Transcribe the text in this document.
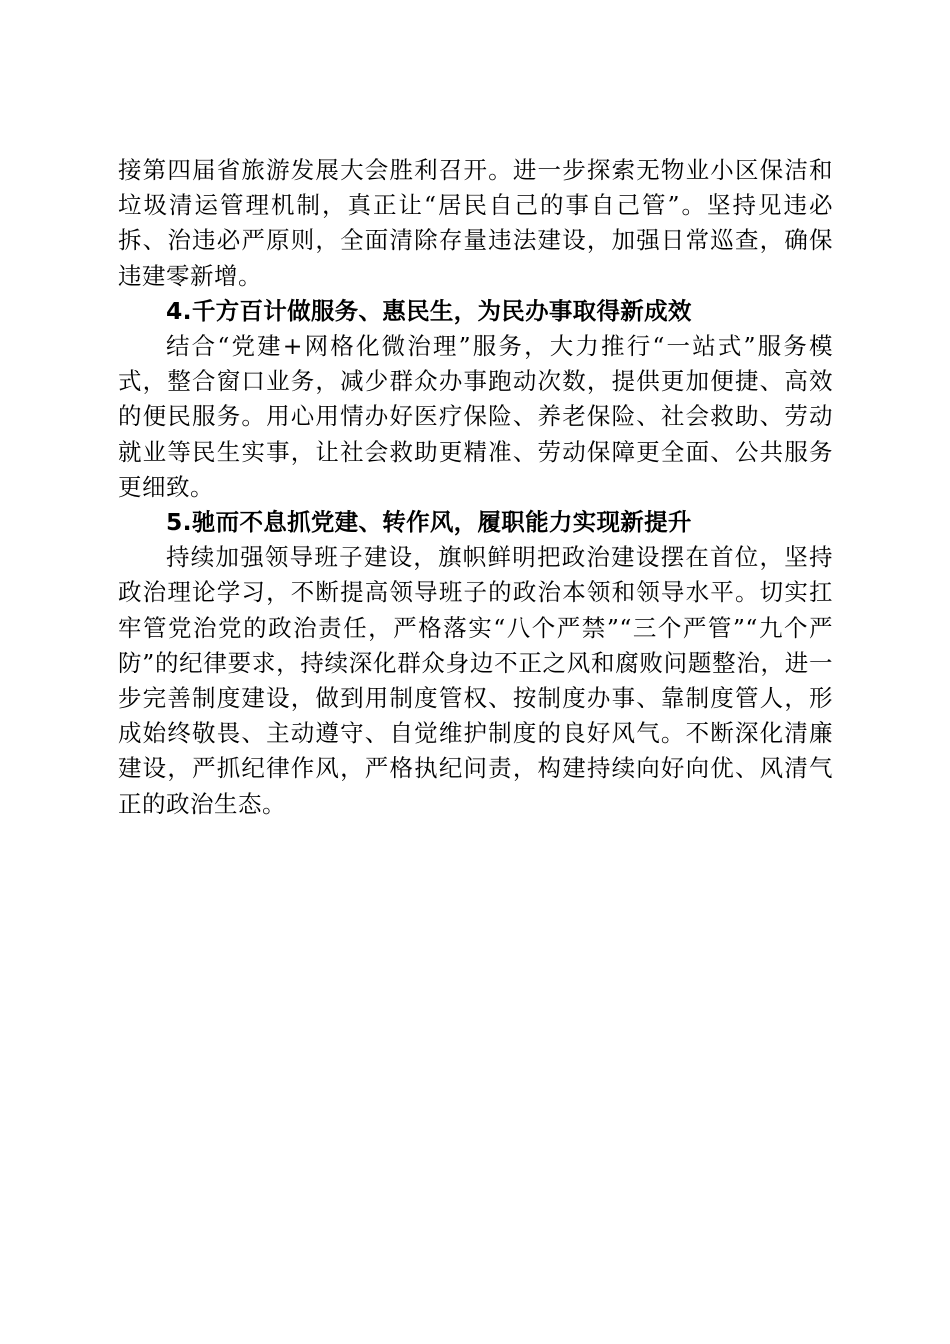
接第四届省旅游发展大会胜利召开。进一步探索无物业小区保洁和垃圾清运管理机制，真正让“居民自己的事自己管”。坚持见违必拆、治违必严原则，全面清除存量违法建设，加强日常巡查，确保违建零新增。

4.千方百计做服务、惠民生，为民办事取得新成效

结合“党建+网格化微治理”服务，大力推行“一站式”服务模式，整合窗口业务，减少群众办事跑动次数，提供更加便捷、高效的便民服务。用心用情办好医疗保险、养老保险、社会救助、劳动就业等民生实事，让社会救助更精准、劳动保障更全面、公共服务更细致。

5.驰而不息抓党建、转作风，履职能力实现新提升

持续加强领导班子建设，旗帜鲜明把政治建设摆在首位，坚持政治理论学习，不断提高领导班子的政治本领和领导水平。切实扛牢管党治党的政治责任，严格落实“八个严禁”“三个严管”“九个严防”的纪律要求，持续深化群众身边不正之风和腐败问题整治，进一步完善制度建设，做到用制度管权、按制度办事、靠制度管人，形成始终敬畏、主动遵守、自觉维护制度的良好风气。不断深化清廉建设，严抓纪律作风，严格执纪问责，构建持续向好向优、风清气正的政治生态。
